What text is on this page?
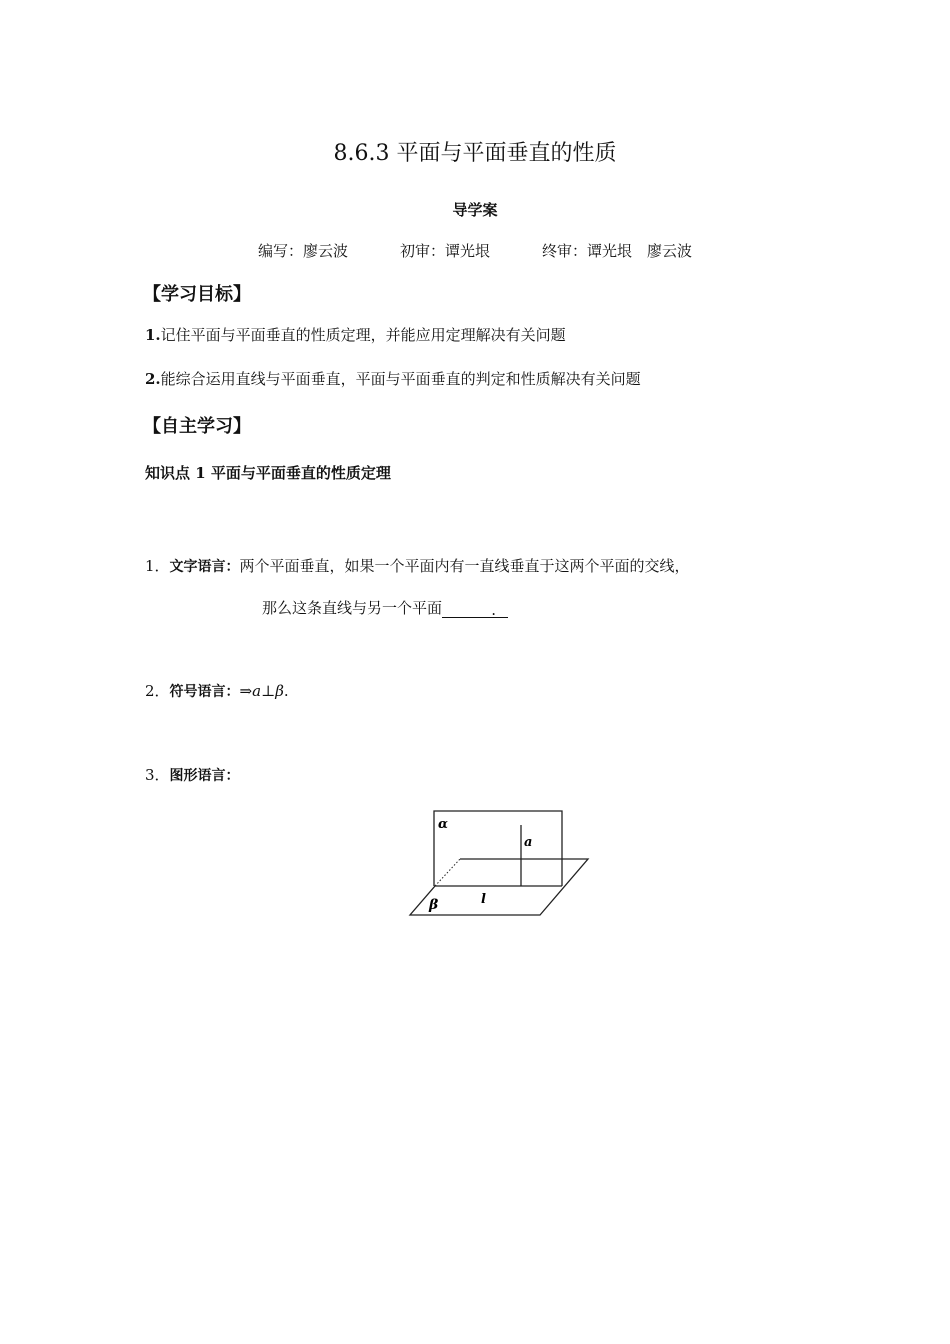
8.6.3 平面与平面垂直的性质
导学案
编写：廖云波	初审：谭光垠	终审：谭光垠　廖云波
【学习目标】
1.记住平面与平面垂直的性质定理，并能应用定理解决有关问题
2.能综合运用直线与平面垂直，平面与平面垂直的判定和性质解决有关问题
【自主学习】
知识点 1 平面与平面垂直的性质定理
1．文字语言：两个平面垂直，如果一个平面内有一直线垂直于这两个平面的交线，
那么这条直线与另一个平面	.
2．符号语言：⇒a⊥β.
3．图形语言：
α
a
β	l
